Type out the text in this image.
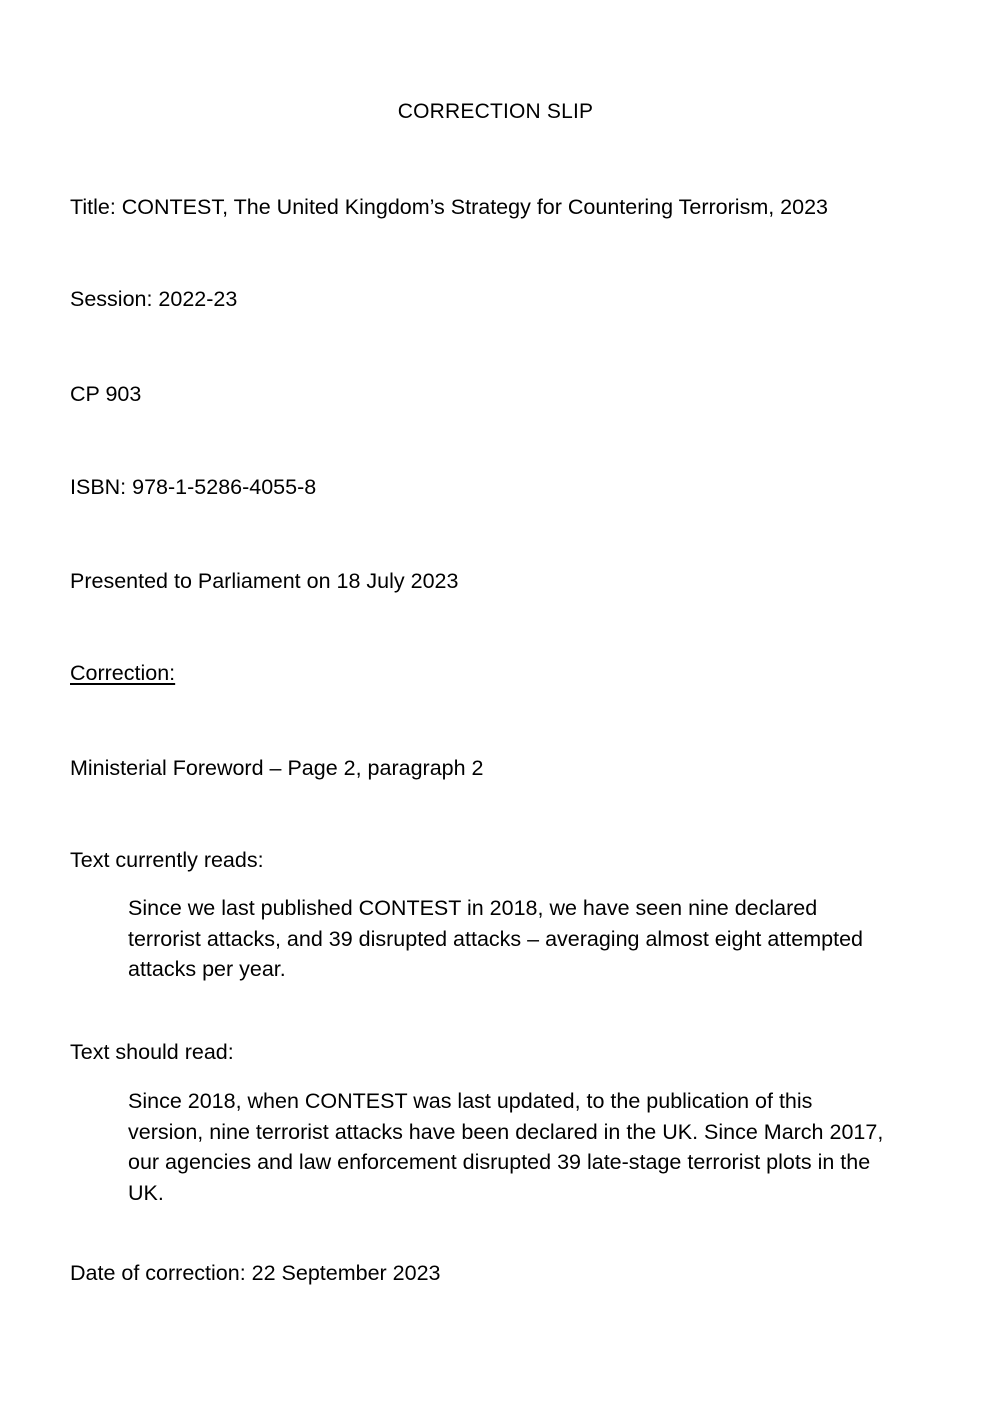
CORRECTION SLIP
Title: CONTEST, The United Kingdom’s Strategy for Countering Terrorism, 2023
Session: 2022-23
CP 903
ISBN: 978-1-5286-4055-8
Presented to Parliament on 18 July 2023
Correction:
Ministerial Foreword – Page 2, paragraph 2
Text currently reads:
Since we last published CONTEST in 2018, we have seen nine declared terrorist attacks, and 39 disrupted attacks – averaging almost eight attempted attacks per year.
Text should read:
Since 2018, when CONTEST was last updated, to the publication of this version, nine terrorist attacks have been declared in the UK. Since March 2017, our agencies and law enforcement disrupted 39 late-stage terrorist plots in the UK.
Date of correction: 22 September 2023
